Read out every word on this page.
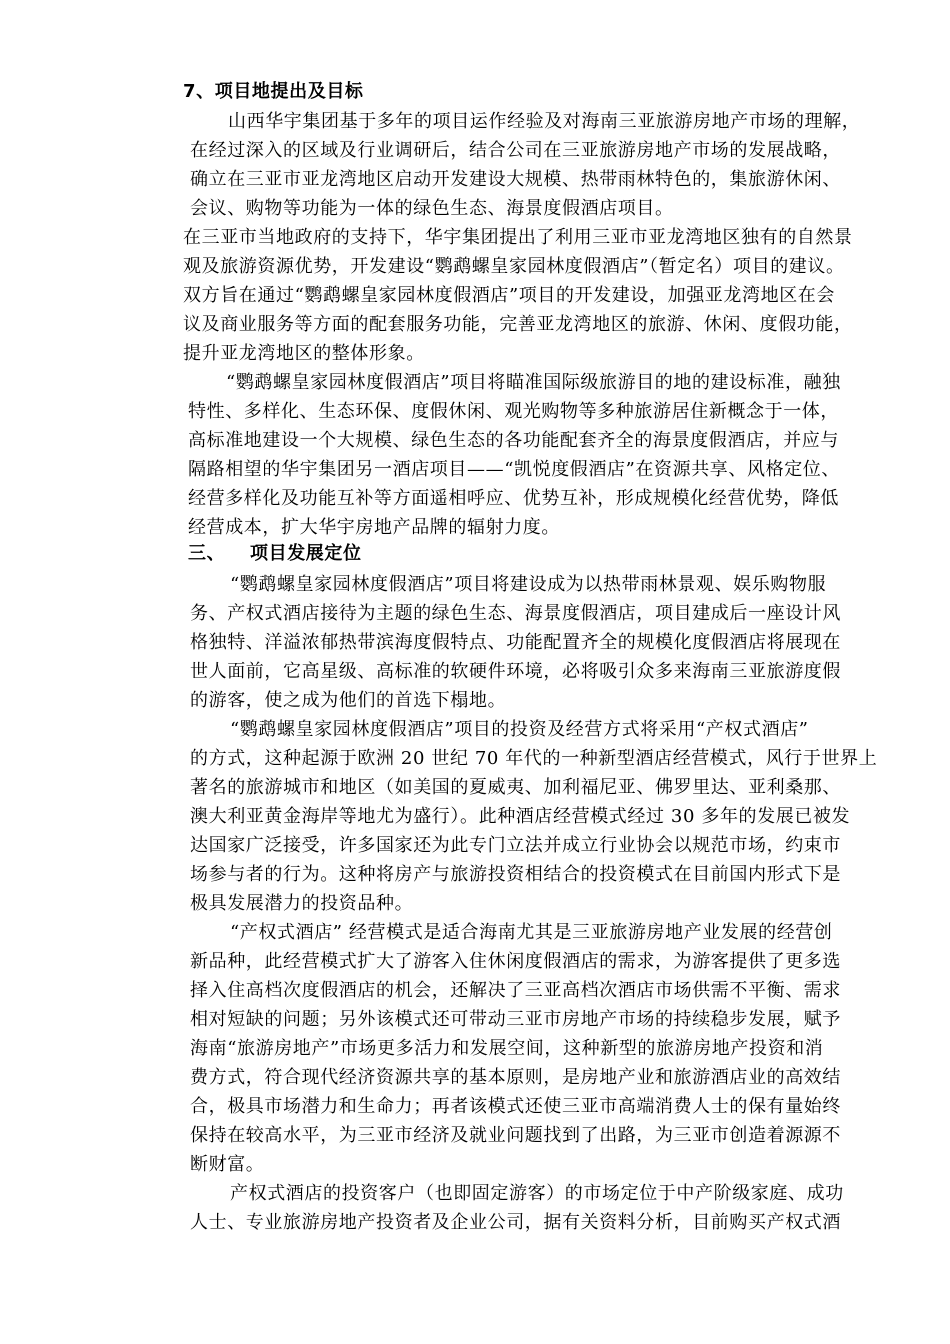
7、项目地提出及目标
山西华宇集团基于多年的项目运作经验及对海南三亚旅游房地产市场的理解，
在经过深入的区域及行业调研后，结合公司在三亚旅游房地产市场的发展战略，
确立在三亚市亚龙湾地区启动开发建设大规模、热带雨林特色的，集旅游休闲、
会议、购物等功能为一体的绿色生态、海景度假酒店项目。
在三亚市当地政府的支持下，华宇集团提出了利用三亚市亚龙湾地区独有的自然景
观及旅游资源优势，开发建设“鹦鹉螺皇家园林度假酒店”（暂定名）项目的建议。
双方旨在通过“鹦鹉螺皇家园林度假酒店”项目的开发建设，加强亚龙湾地区在会
议及商业服务等方面的配套服务功能，完善亚龙湾地区的旅游、休闲、度假功能，
提升亚龙湾地区的整体形象。
“鹦鹉螺皇家园林度假酒店”项目将瞄准国际级旅游目的地的建设标准，融独
特性、多样化、生态环保、度假休闲、观光购物等多种旅游居住新概念于一体，
高标准地建设一个大规模、绿色生态的各功能配套齐全的海景度假酒店，并应与
隔路相望的华宇集团另一酒店项目——“凯悦度假酒店”在资源共享、风格定位、
经营多样化及功能互补等方面遥相呼应、优势互补，形成规模化经营优势，降低
经营成本，扩大华宇房地产品牌的辐射力度。
三、 项目发展定位
“鹦鹉螺皇家园林度假酒店”项目将建设成为以热带雨林景观、娱乐购物服
务、产权式酒店接待为主题的绿色生态、海景度假酒店，项目建成后一座设计风
格独特、洋溢浓郁热带滨海度假特点、功能配置齐全的规模化度假酒店将展现在
世人面前，它高星级、高标准的软硬件环境，必将吸引众多来海南三亚旅游度假
的游客，使之成为他们的首选下榻地。
“鹦鹉螺皇家园林度假酒店”项目的投资及经营方式将采用“产权式酒店”
的方式，这种起源于欧洲 20 世纪 70 年代的一种新型酒店经营模式，风行于世界上
著名的旅游城市和地区（如美国的夏威夷、加利福尼亚、佛罗里达、亚利桑那、
澳大利亚黄金海岸等地尤为盛行）。此种酒店经营模式经过 30 多年的发展已被发
达国家广泛接受，许多国家还为此专门立法并成立行业协会以规范市场，约束市
场参与者的行为。这种将房产与旅游投资相结合的投资模式在目前国内形式下是
极具发展潜力的投资品种。
“产权式酒店” 经营模式是适合海南尤其是三亚旅游房地产业发展的经营创
新品种，此经营模式扩大了游客入住休闲度假酒店的需求，为游客提供了更多选
择入住高档次度假酒店的机会，还解决了三亚高档次酒店市场供需不平衡、需求
相对短缺的问题；另外该模式还可带动三亚市房地产市场的持续稳步发展，赋予
海南“旅游房地产”市场更多活力和发展空间，这种新型的旅游房地产投资和消
费方式，符合现代经济资源共享的基本原则，是房地产业和旅游酒店业的高效结
合，极具市场潜力和生命力；再者该模式还使三亚市高端消费人士的保有量始终
保持在较高水平，为三亚市经济及就业问题找到了出路，为三亚市创造着源源不
断财富。
产权式酒店的投资客户（也即固定游客）的市场定位于中产阶级家庭、成功
人士、专业旅游房地产投资者及企业公司，据有关资料分析，目前购买产权式酒
